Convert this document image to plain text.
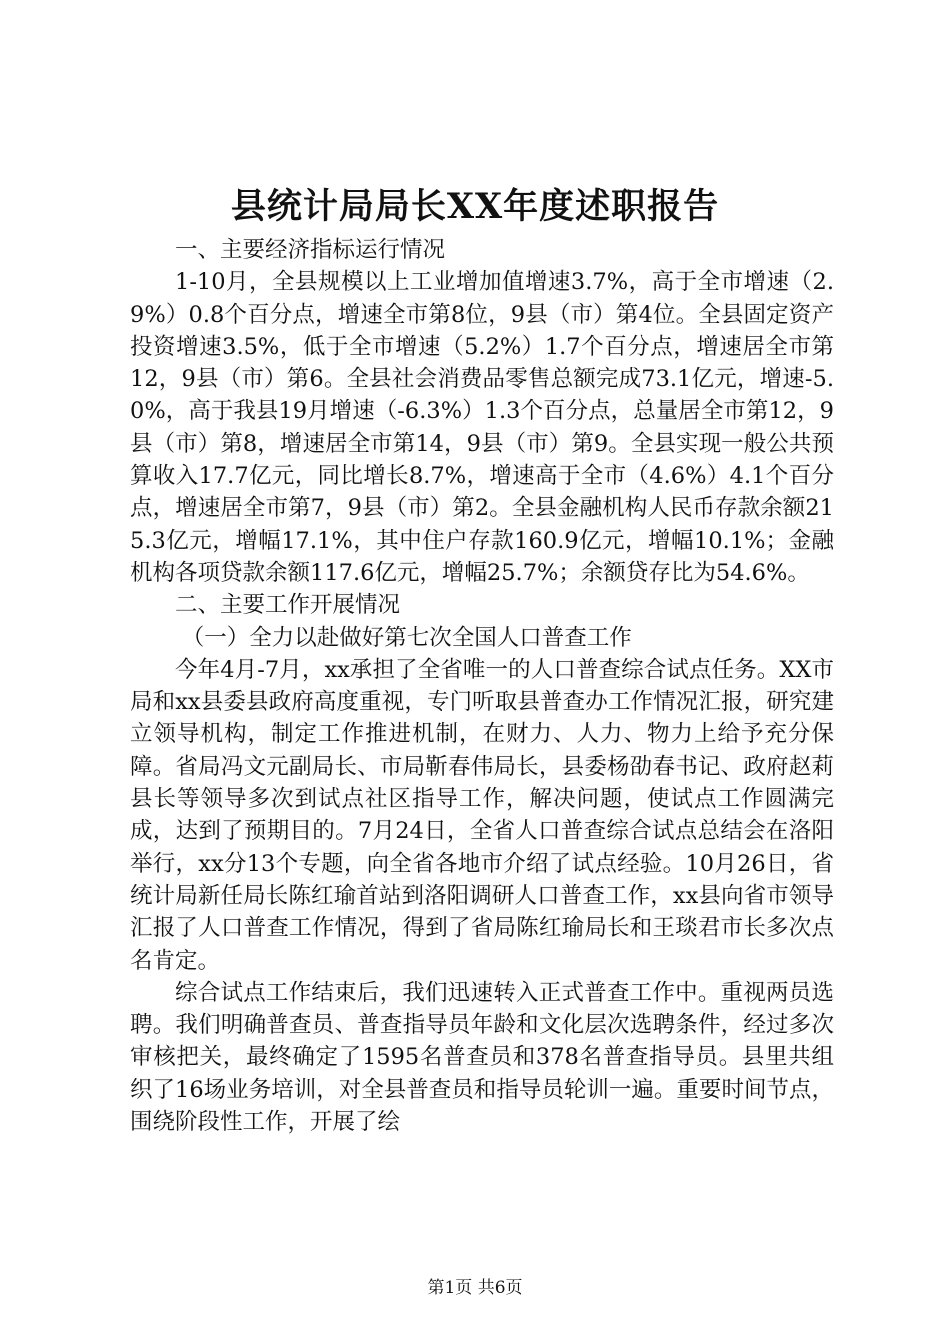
县统计局局长XX年度述职报告

一、主要经济指标运行情况

1-10月，全县规模以上工业增加值增速3.7%，高于全市增速（2.9%）0.8个百分点，增速全市第8位，9县（市）第4位。全县固定资产投资增速3.5%，低于全市增速（5.2%）1.7个百分点，增速居全市第12，9县（市）第6。全县社会消费品零售总额完成73.1亿元，增速-5.0%，高于我县19月增速（-6.3%）1.3个百分点，总量居全市第12，9县（市）第8，增速居全市第14，9县（市）第9。全县实现一般公共预算收入17.7亿元，同比增长8.7%，增速高于全市（4.6%）4.1个百分点，增速居全市第7，9县（市）第2。全县金融机构人民币存款余额215.3亿元，增幅17.1%，其中住户存款160.9亿元，增幅10.1%；金融机构各项贷款余额117.6亿元，增幅25.7%；余额贷存比为54.6%。

二、主要工作开展情况

（一）全力以赴做好第七次全国人口普查工作

今年4月-7月，xx承担了全省唯一的人口普查综合试点任务。XX市局和xx县委县政府高度重视，专门听取县普查办工作情况汇报，研究建立领导机构，制定工作推进机制，在财力、人力、物力上给予充分保障。省局冯文元副局长、市局靳春伟局长，县委杨劭春书记、政府赵莉县长等领导多次到试点社区指导工作，解决问题，使试点工作圆满完成，达到了预期目的。7月24日，全省人口普查综合试点总结会在洛阳举行，xx分13个专题，向全省各地市介绍了试点经验。10月26日，省统计局新任局长陈红瑜首站到洛阳调研人口普查工作，xx县向省市领导汇报了人口普查工作情况，得到了省局陈红瑜局长和王琰君市长多次点名肯定。

综合试点工作结束后，我们迅速转入正式普查工作中。重视两员选聘。我们明确普查员、普查指导员年龄和文化层次选聘条件，经过多次审核把关，最终确定了1595名普查员和378名普查指导员。县里共组织了16场业务培训，对全县普查员和指导员轮训一遍。重要时间节点，围绕阶段性工作，开展了绘

第1页 共6页
